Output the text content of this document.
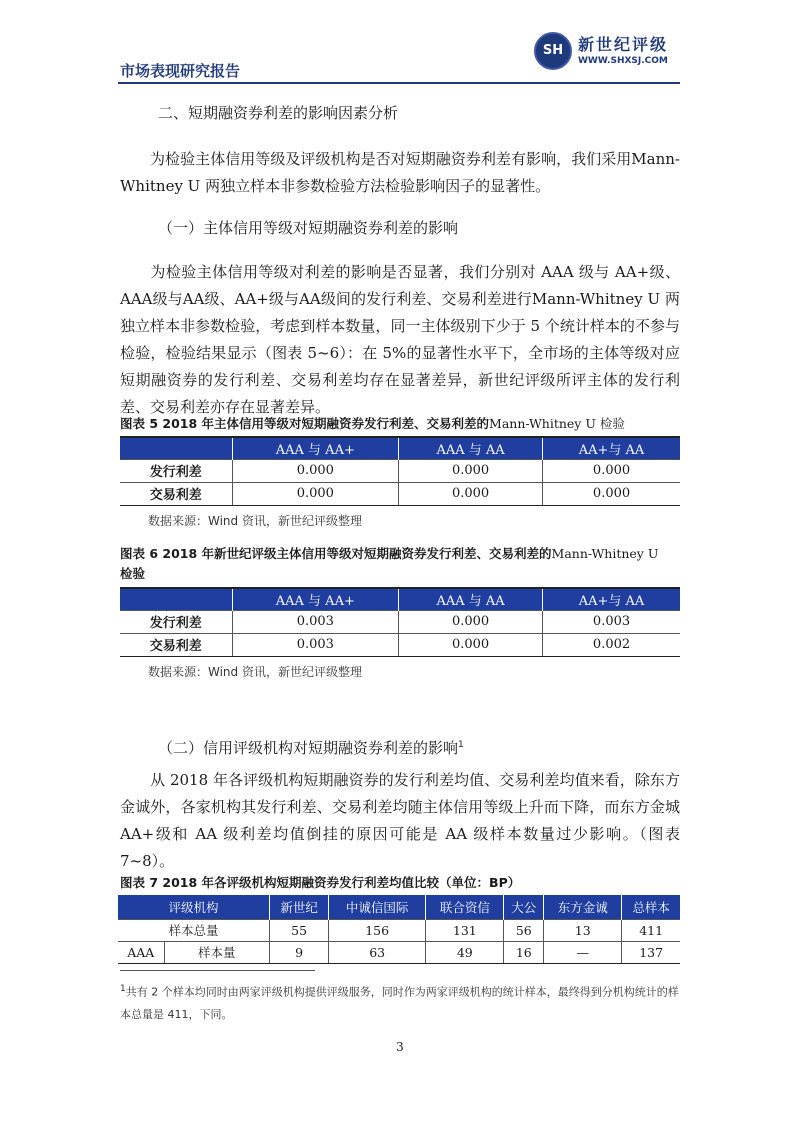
市场表现研究报告
SH 新世纪评级
WWW.SHXSJ.COM
二、短期融资券利差的影响因素分析
为检验主体信用等级及评级机构是否对短期融资券利差有影响，我们采用Mann-Whitney U 两独立样本非参数检验方法检验影响因子的显著性。
（一）主体信用等级对短期融资券利差的影响
为检验主体信用等级对利差的影响是否显著，我们分别对 AAA 级与 AA+级、AAA级与AA级、AA+级与AA级间的发行利差、交易利差进行Mann-Whitney U 两独立样本非参数检验，考虑到样本数量，同一主体级别下少于 5 个统计样本的不参与检验，检验结果显示（图表 5~6）：在 5%的显著性水平下，全市场的主体等级对应短期融资券的发行利差、交易利差均存在显著差异，新世纪评级所评主体的发行利差、交易利差亦存在显著差异。
图表 5 2018 年主体信用等级对短期融资券发行利差、交易利差的Mann-Whitney U 检验
	AAA 与 AA+	AAA 与 AA	AA+与 AA
发行利差	0.000	0.000	0.000
交易利差	0.000	0.000	0.000
数据来源：Wind 资讯，新世纪评级整理
图表 6 2018 年新世纪评级主体信用等级对短期融资券发行利差、交易利差的Mann-Whitney U
检验
	AAA 与 AA+	AAA 与 AA	AA+与 AA
发行利差	0.003	0.000	0.003
交易利差	0.003	0.000	0.002
数据来源：Wind 资讯，新世纪评级整理
（二）信用评级机构对短期融资券利差的影响$^1$
从 2018 年各评级机构短期融资券的发行利差均值、交易利差均值来看，除东方金诚外，各家机构其发行利差、交易利差均随主体信用等级上升而下降，而东方金城 AA+级和 AA 级利差均值倒挂的原因可能是 AA 级样本数量过少影响。（图表 7~8）。
图表 7 2018 年各评级机构短期融资券发行利差均值比较（单位：BP）
评级机构		新世纪	中诚信国际	联合资信	大公	东方金诚	总样本
样本总量		55	156	131	56	13	411
AAA	样本量	9	63	49	16	—	137
$^1$共有 2 个样本均同时由两家评级机构提供评级服务，同时作为两家评级机构的统计样本，最终得到分机构统计的样本总量是 411，下同。
3
